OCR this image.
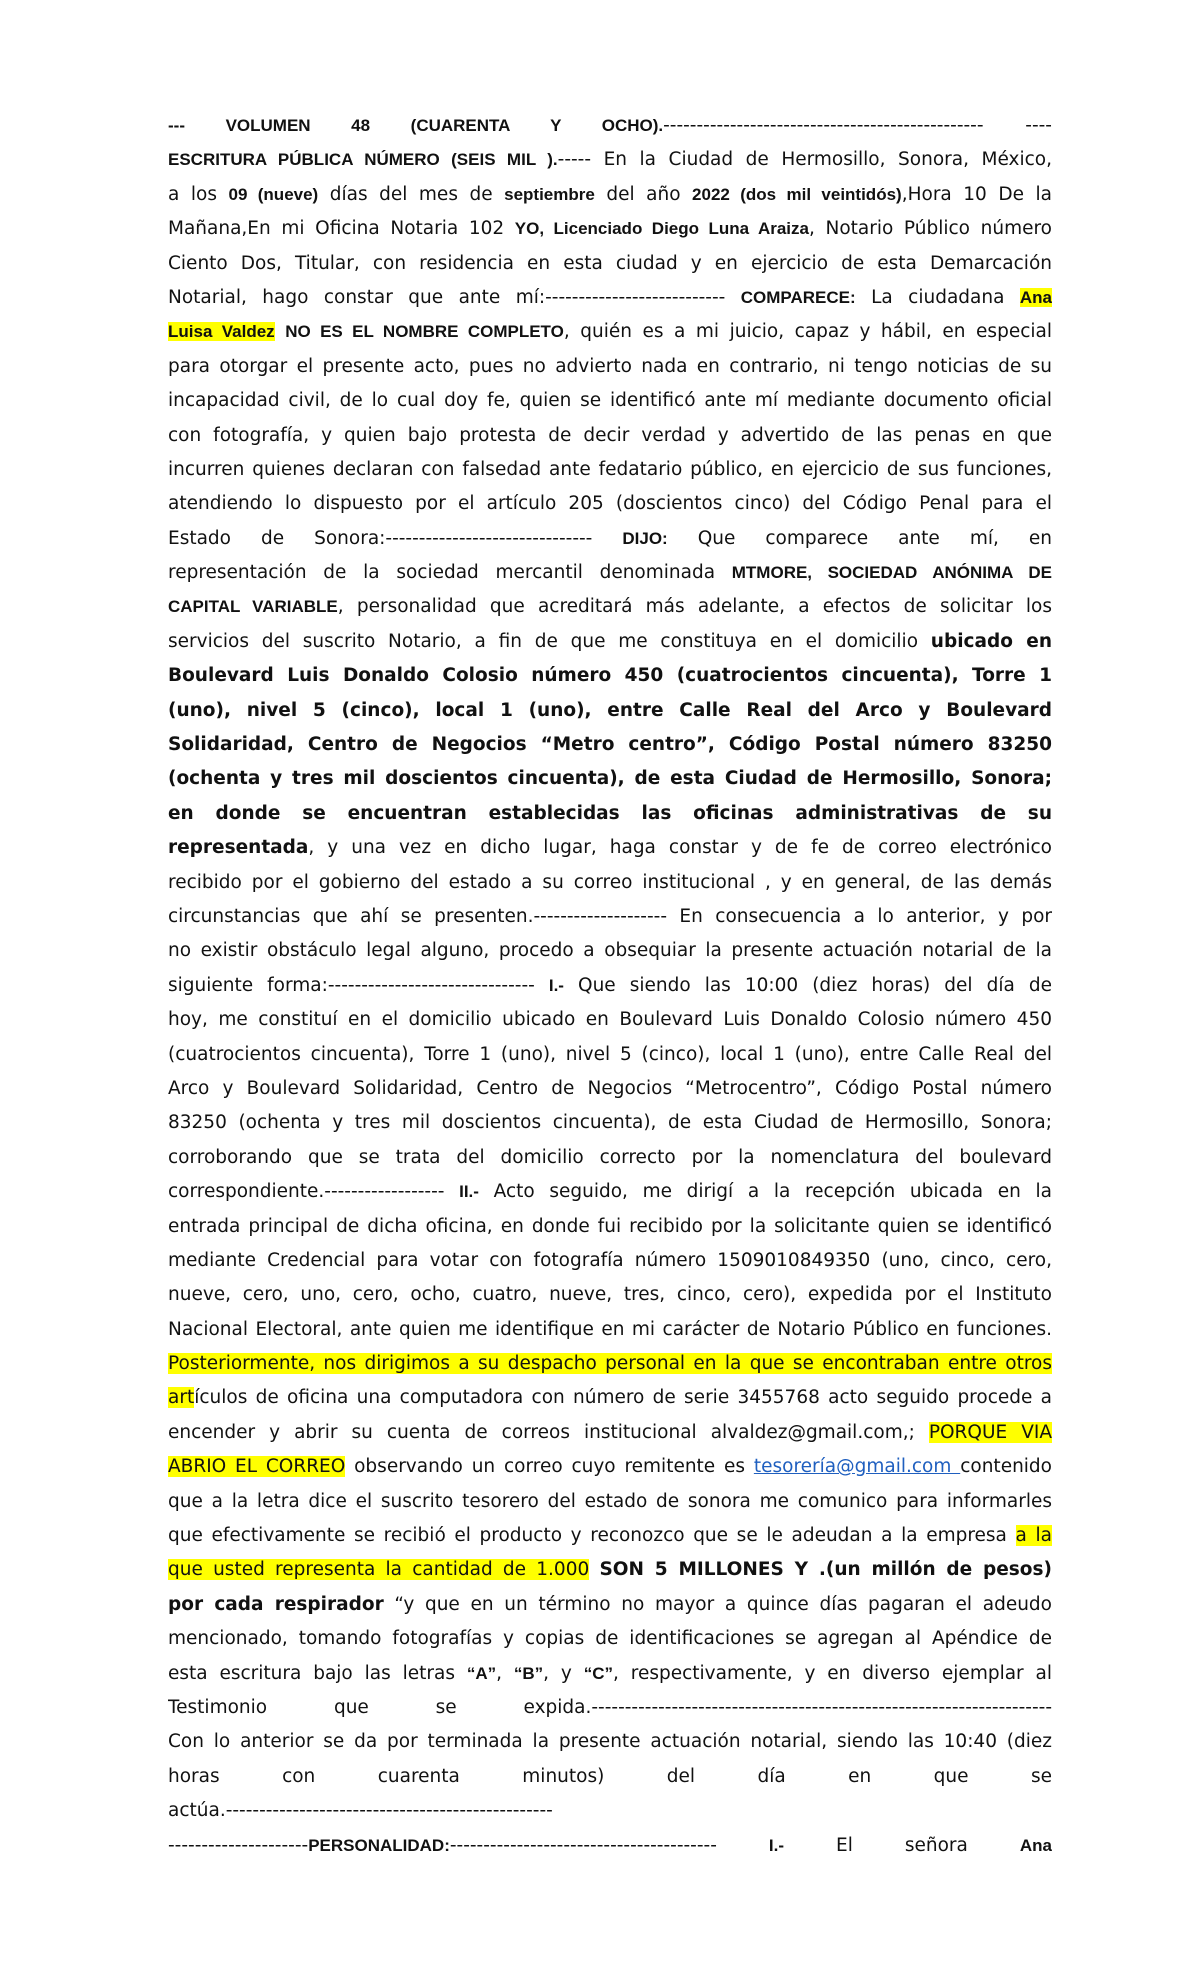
--- VOLUMEN 48 (CUARENTA Y OCHO).------------------------------------------------ ----
ESCRITURA PÚBLICA NÚMERO (SEIS MIL ).----- En la Ciudad de Hermosillo, Sonora, México,
a los 09 (nueve) días del mes de septiembre del año 2022 (dos mil veintidós),Hora 10 De la
Mañana,En mi Oficina Notaria 102 YO, Licenciado Diego Luna Araiza, Notario Público número
Ciento Dos, Titular, con residencia en esta ciudad y en ejercicio de esta Demarcación
Notarial, hago constar que ante mí:--------------------------- COMPARECE: La ciudadana Ana
Luisa Valdez NO ES EL NOMBRE COMPLETO, quién es a mi juicio, capaz y hábil, en especial
para otorgar el presente acto, pues no advierto nada en contrario, ni tengo noticias de su
incapacidad civil, de lo cual doy fe, quien se identificó ante mí mediante documento oficial
con fotografía, y quien bajo protesta de decir verdad y advertido de las penas en que
incurren quienes declaran con falsedad ante fedatario público, en ejercicio de sus funciones,
atendiendo lo dispuesto por el artículo 205 (doscientos cinco) del Código Penal para el
Estado de Sonora:------------------------------- DIJO: Que comparece ante mí, en
representación de la sociedad mercantil denominada MTMORE, SOCIEDAD ANÓNIMA DE
CAPITAL VARIABLE, personalidad que acreditará más adelante, a efectos de solicitar los
servicios del suscrito Notario, a fin de que me constituya en el domicilio ubicado en
Boulevard Luis Donaldo Colosio número 450 (cuatrocientos cincuenta), Torre 1
(uno), nivel 5 (cinco), local 1 (uno), entre Calle Real del Arco y Boulevard
Solidaridad, Centro de Negocios “Metro centro”, Código Postal número 83250
(ochenta y tres mil doscientos cincuenta), de esta Ciudad de Hermosillo, Sonora;
en donde se encuentran establecidas las oficinas administrativas de su
representada, y una vez en dicho lugar, haga constar y de fe de correo electrónico
recibido por el gobierno del estado a su correo institucional , y en general, de las demás
circunstancias que ahí se presenten.-------------------- En consecuencia a lo anterior, y por
no existir obstáculo legal alguno, procedo a obsequiar la presente actuación notarial de la
siguiente forma:------------------------------- I.- Que siendo las 10:00 (diez horas) del día de
hoy, me constituí en el domicilio ubicado en Boulevard Luis Donaldo Colosio número 450
(cuatrocientos cincuenta), Torre 1 (uno), nivel 5 (cinco), local 1 (uno), entre Calle Real del
Arco y Boulevard Solidaridad, Centro de Negocios “Metrocentro”, Código Postal número
83250 (ochenta y tres mil doscientos cincuenta), de esta Ciudad de Hermosillo, Sonora;
corroborando que se trata del domicilio correcto por la nomenclatura del boulevard
correspondiente.------------------ II.- Acto seguido, me dirigí a la recepción ubicada en la
entrada principal de dicha oficina, en donde fui recibido por la solicitante quien se identificó
mediante Credencial para votar con fotografía número 1509010849350 (uno, cinco, cero,
nueve, cero, uno, cero, ocho, cuatro, nueve, tres, cinco, cero), expedida por el Instituto
Nacional Electoral, ante quien me identifique en mi carácter de Notario Público en funciones.
Posteriormente, nos dirigimos a su despacho personal en la que se encontraban entre otros
artículos de oficina una computadora con número de serie 3455768 acto seguido procede a
encender y abrir su cuenta de correos institucional alvaldez@gmail.com,; PORQUE VIA
ABRIO EL CORREO observando un correo cuyo remitente es tesorería@gmail.com contenido
que a la letra dice el suscrito tesorero del estado de sonora me comunico para informarles
que efectivamente se recibió el producto y reconozco que se le adeudan a la empresa a la
que usted representa la cantidad de 1.000 SON 5 MILLONES Y .(un millón de pesos)
por cada respirador “y que en un término no mayor a quince días pagaran el adeudo
mencionado, tomando fotografías y copias de identificaciones se agregan al Apéndice de
esta escritura bajo las letras “A”, “B”, y “C”, respectivamente, y en diverso ejemplar al
Testimonio que se expida.---------------------------------------------------------------------
Con lo anterior se da por terminada la presente actuación notarial, siendo las 10:40 (diez
horas con cuarenta minutos) del día en que se
actúa.-------------------------------------------------
---------------------PERSONALIDAD:---------------------------------------- I.- El señora Ana
